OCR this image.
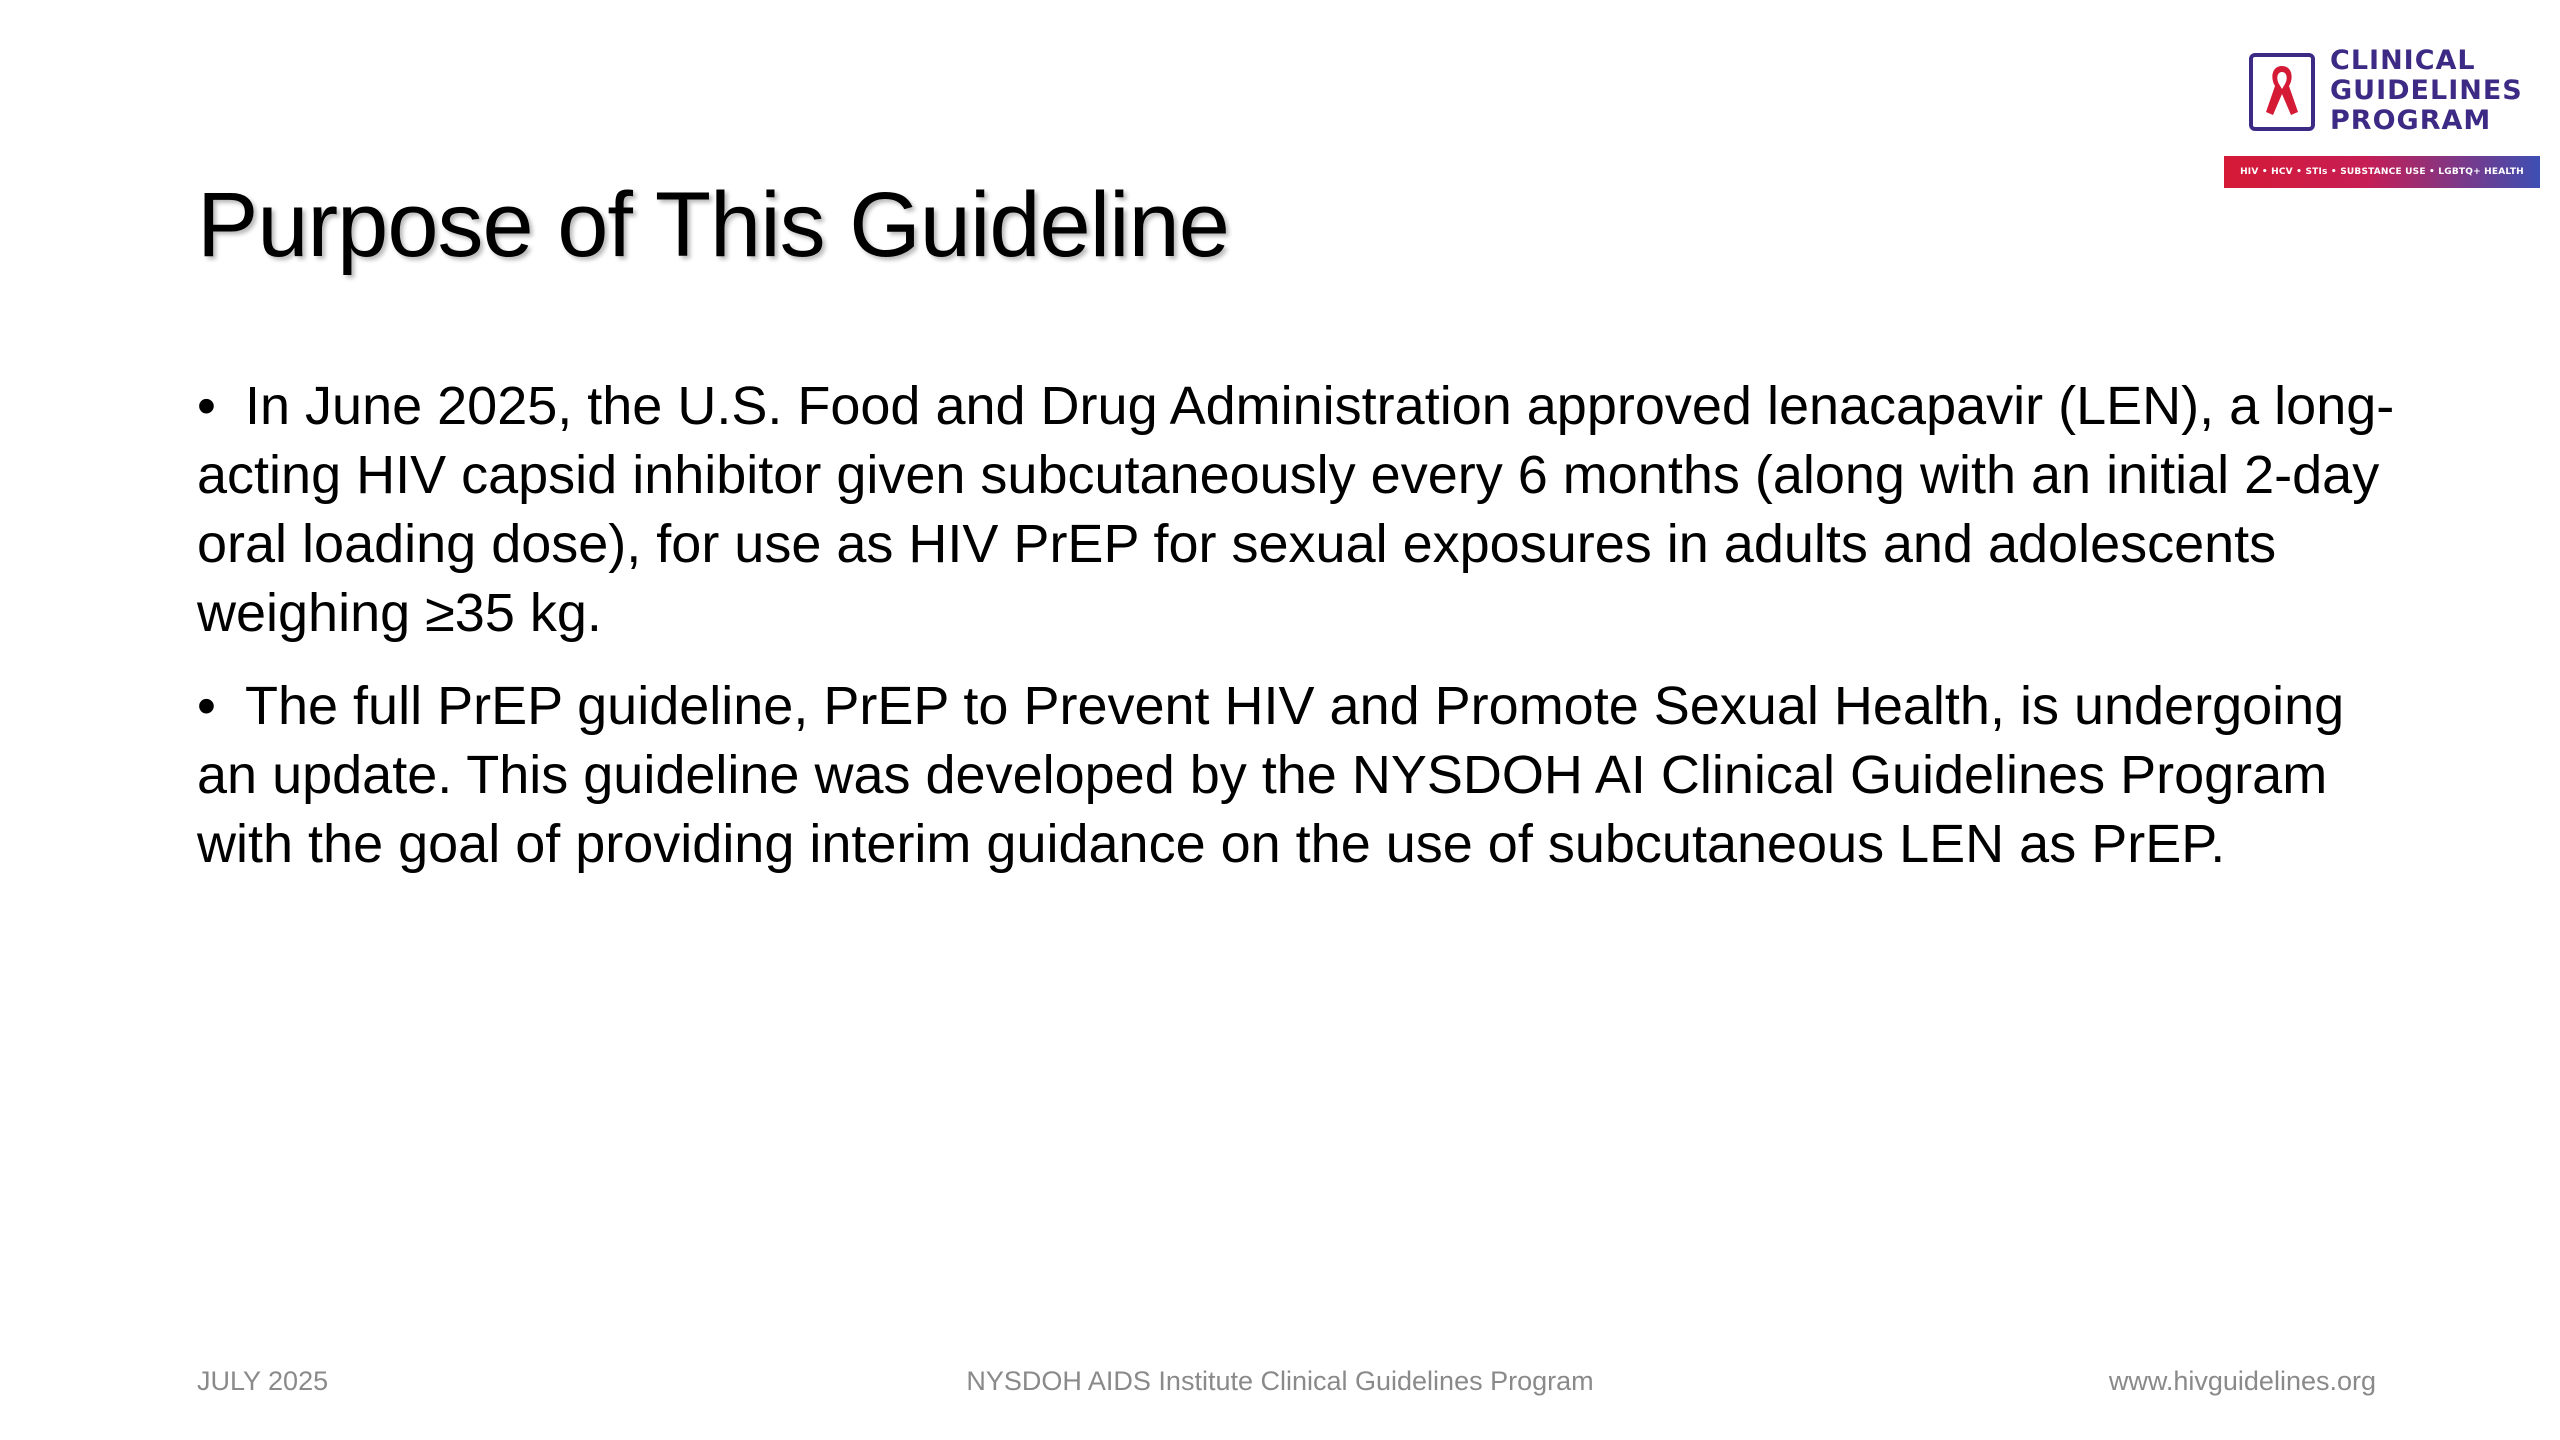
CLINICAL
GUIDELINES
PROGRAM
HIV • HCV • STIs • SUBSTANCE USE • LGBTQ+ HEALTH
Purpose of This Guideline
• In June 2025, the U.S. Food and Drug Administration approved lenacapavir (LEN), a long-acting HIV capsid inhibitor given subcutaneously every 6 months (along with an initial 2-day oral loading dose), for use as HIV PrEP for sexual exposures in adults and adolescents weighing ≥35 kg.
• The full PrEP guideline, PrEP to Prevent HIV and Promote Sexual Health, is undergoing an update. This guideline was developed by the NYSDOH AI Clinical Guidelines Program with the goal of providing interim guidance on the use of subcutaneous LEN as PrEP.
JULY 2025	NYSDOH AIDS Institute Clinical Guidelines Program	www.hivguidelines.org
